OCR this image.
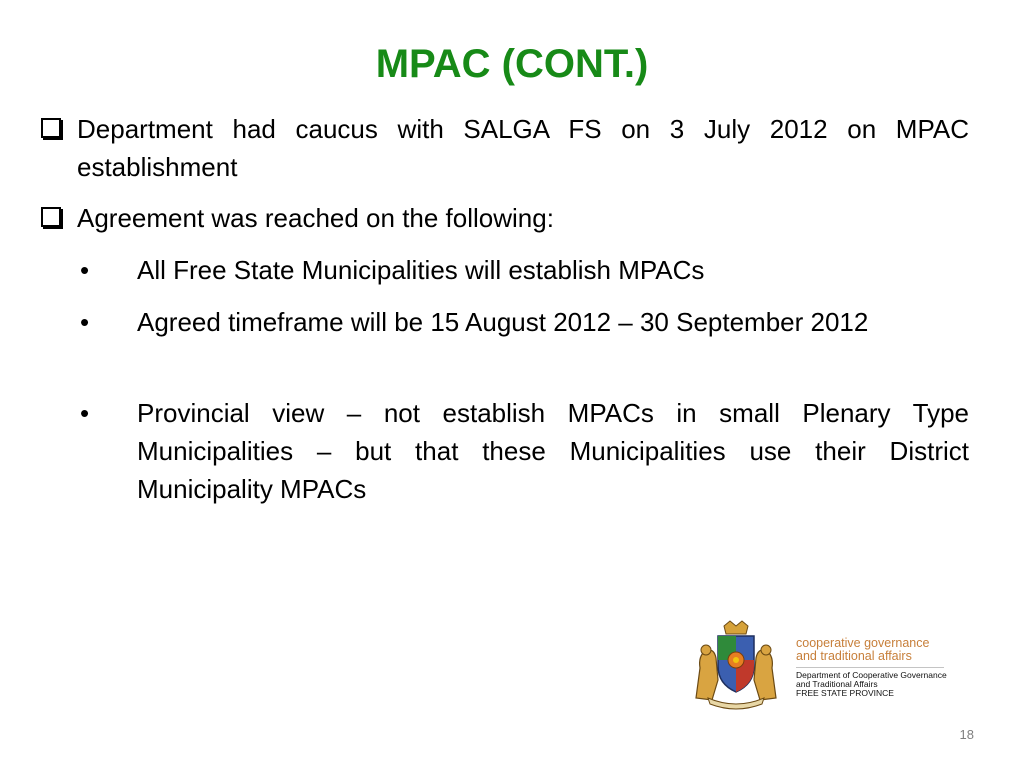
MPAC (CONT.)
Department had caucus with SALGA FS on 3 July 2012 on MPAC establishment
Agreement was reached on the following:
• All Free State Municipalities will establish MPACs
• Agreed timeframe will be 15 August 2012 – 30 September 2012
• Provincial view – not establish MPACs in small Plenary Type Municipalities – but that these Municipalities use their District Municipality MPACs
cooperative governance
and traditional affairs
Department of Cooperative Governance
and Traditional Affairs
FREE STATE PROVINCE
18
